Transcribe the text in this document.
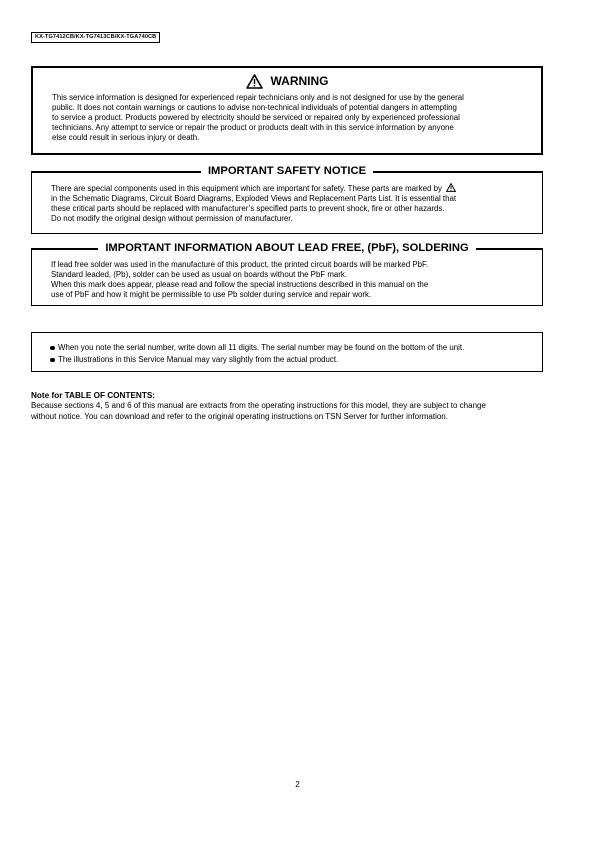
KX-TG7412CB/KX-TG7413CB/KX-TGA740CB
WARNING

This service information is designed for experienced repair technicians only and is not designed for use by the general
public. It does not contain warnings or cautions to advise non-technical individuals of potential dangers in attempting
to service a product. Products powered by electricity should be serviced or repaired only by experienced professional
technicians. Any attempt to service or repair the product or products dealt with in this service information by anyone
else could result in serious injury or death.

IMPORTANT SAFETY NOTICE

There are special components used in this equipment which are important for safety. These parts are marked by
in the Schematic Diagrams, Circuit Board Diagrams, Exploded Views and Replacement Parts List. It is essential that
these critical parts should be replaced with manufacturer’s specified parts to prevent shock, fire or other hazards.
Do not modify the original design without permission of manufacturer.

IMPORTANT INFORMATION ABOUT LEAD FREE, (PbF), SOLDERING

If lead free solder was used in the manufacture of this product, the printed circuit boards will be marked PbF.
Standard leaded, (Pb), solder can be used as usual on boards without the PbF mark.
When this mark does appear, please read and follow the special instructions described in this manual on the
use of PbF and how it might be permissible to use Pb solder during service and repair work.

When you note the serial number, write down all 11 digits. The serial number may be found on the bottom of the unit.
The illustrations in this Service Manual may vary slightly from the actual product.
Note for TABLE OF CONTENTS:

Because sections 4, 5 and 6 of this manual are extracts from the operating instructions for this model, they are subject to change
without notice. You can download and refer to the original operating instructions on TSN Server for further information.

2
